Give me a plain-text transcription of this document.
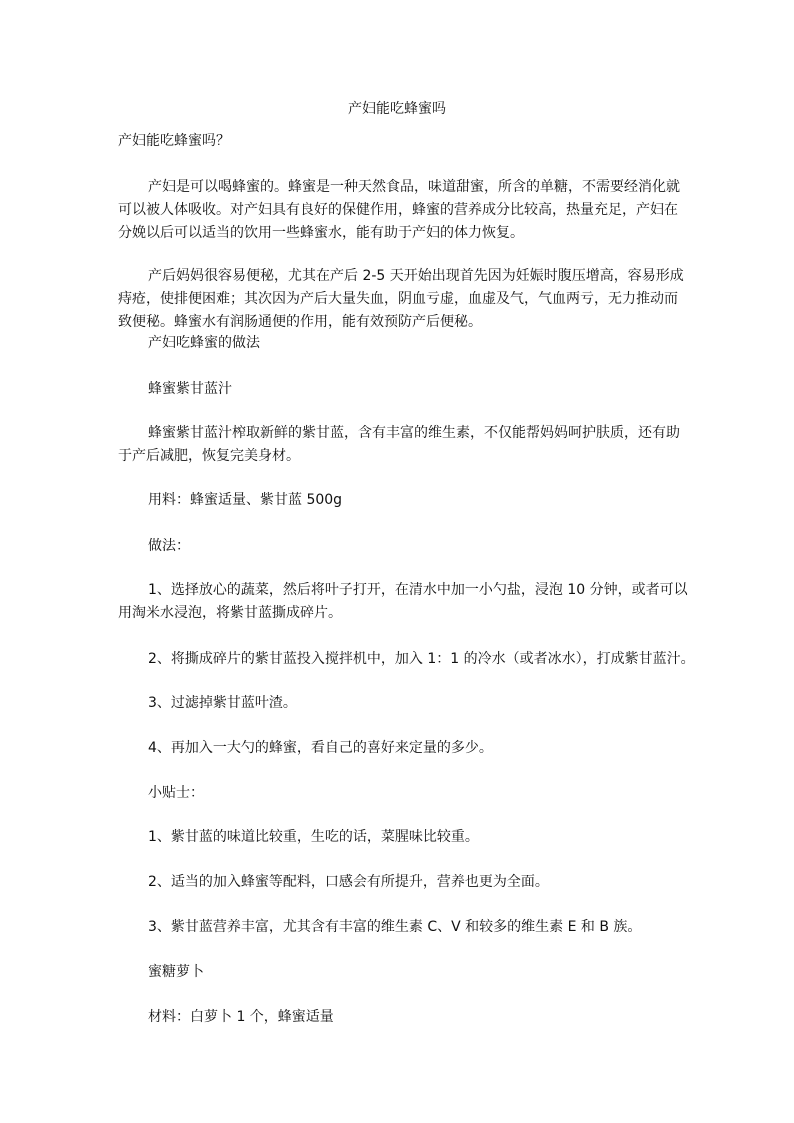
产妇能吃蜂蜜吗

产妇能吃蜂蜜吗？

产妇是可以喝蜂蜜的。蜂蜜是一种天然食品，味道甜蜜，所含的单糖，不需要经消化就可以被人体吸收。对产妇具有良好的保健作用，蜂蜜的营养成分比较高，热量充足，产妇在分娩以后可以适当的饮用一些蜂蜜水，能有助于产妇的体力恢复。

产后妈妈很容易便秘，尤其在产后 2-5 天开始出现首先因为妊娠时腹压增高，容易形成痔疮，使排便困难；其次因为产后大量失血，阴血亏虚，血虚及气，气血两亏，无力推动而致便秘。蜂蜜水有润肠通便的作用，能有效预防产后便秘。

产妇吃蜂蜜的做法

蜂蜜紫甘蓝汁

蜂蜜紫甘蓝汁榨取新鲜的紫甘蓝，含有丰富的维生素，不仅能帮妈妈呵护肤质，还有助于产后减肥，恢复完美身材。

用料：蜂蜜适量、紫甘蓝 500g

做法：

1、选择放心的蔬菜，然后将叶子打开，在清水中加一小勺盐，浸泡 10 分钟，或者可以用淘米水浸泡，将紫甘蓝撕成碎片。

2、将撕成碎片的紫甘蓝投入搅拌机中，加入 1：1 的冷水（或者冰水），打成紫甘蓝汁。

3、过滤掉紫甘蓝叶渣。

4、再加入一大勺的蜂蜜，看自己的喜好来定量的多少。

小贴士：

1、紫甘蓝的味道比较重，生吃的话，菜腥味比较重。

2、适当的加入蜂蜜等配料，口感会有所提升，营养也更为全面。

3、紫甘蓝营养丰富，尤其含有丰富的维生素 C、V 和较多的维生素 E 和 B 族。

蜜糖萝卜

材料：白萝卜 1 个，蜂蜜适量
